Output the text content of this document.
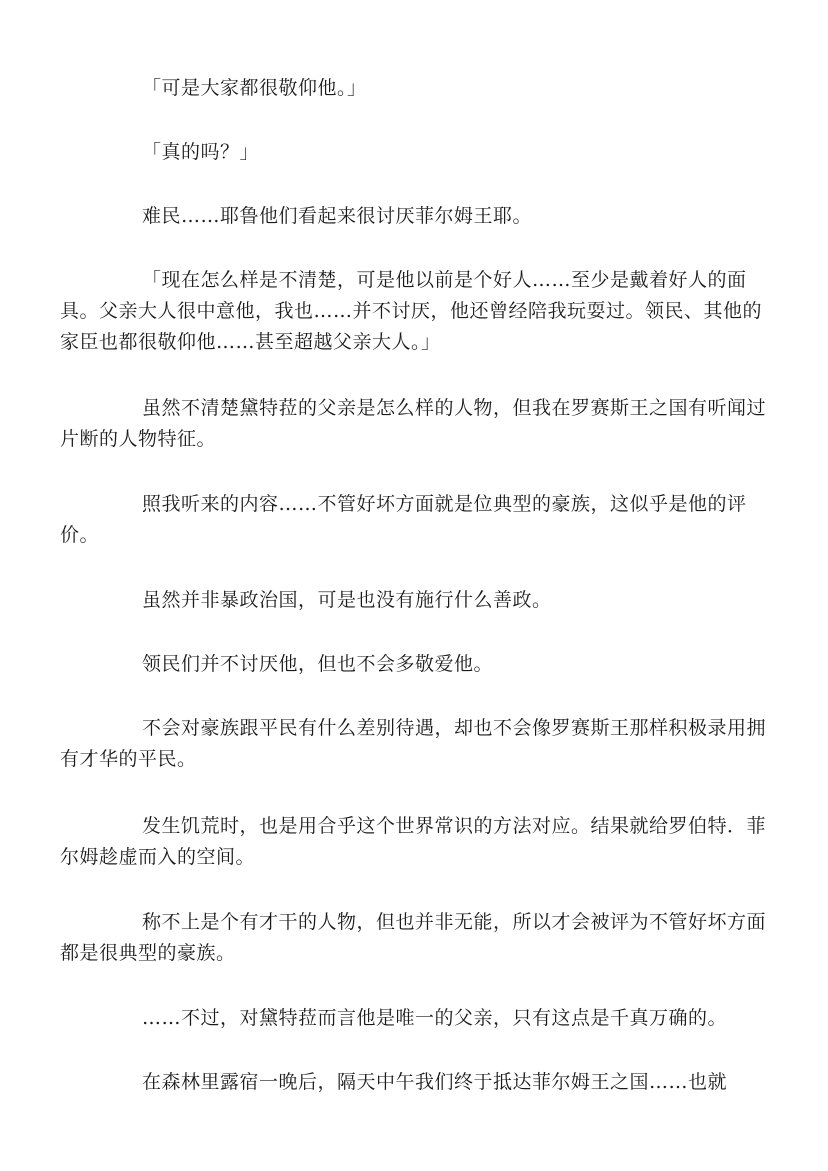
「可是大家都很敬仰他。」

「真的吗？」

难民……耶鲁他们看起来很讨厌菲尔姆王耶。

「现在怎么样是不清楚，可是他以前是个好人……至少是戴着好人的面具。父亲大人很中意他，我也……并不讨厌，他还曾经陪我玩耍过。领民、其他的家臣也都很敬仰他……甚至超越父亲大人。」

虽然不清楚黛特菈的父亲是怎么样的人物，但我在罗赛斯王之国有听闻过片断的人物特征。

照我听来的内容……不管好坏方面就是位典型的豪族，这似乎是他的评价。

虽然并非暴政治国，可是也没有施行什么善政。

领民们并不讨厌他，但也不会多敬爱他。

不会对豪族跟平民有什么差别待遇，却也不会像罗赛斯王那样积极录用拥有才华的平民。

发生饥荒时，也是用合乎这个世界常识的方法对应。结果就给罗伯特．菲尔姆趁虚而入的空间。

称不上是个有才干的人物，但也并非无能，所以才会被评为不管好坏方面都是很典型的豪族。

……不过，对黛特菈而言他是唯一的父亲，只有这点是千真万确的。

在森林里露宿一晚后，隔天中午我们终于抵达菲尔姆王之国……也就
